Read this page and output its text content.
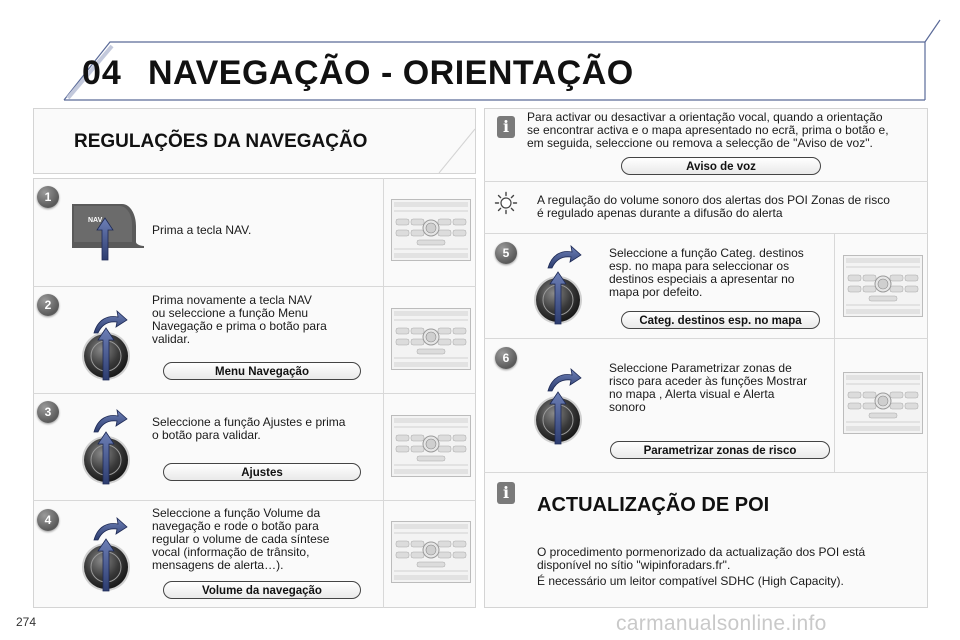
04 NAVEGAÇÃO - ORIENTAÇÃO
REGULAÇÕES DA NAVEGAÇÃO
1
NAV
Prima a tecla NAV.
2	Prima novamente a tecla NAV
ou seleccione a função Menu
Navegação e prima o botão para
validar.
Menu Navegação
3
Seleccione a função Ajustes e prima
o botão para validar.
Ajustes
4	Seleccione a função Volume da
navegação e rode o botão para
regular o volume de cada síntese
vocal (informação de trânsito,
mensagens de alerta…).
Volume da navegação
i	Para activar ou desactivar a orientação vocal, quando a orientação
se encontrar activa e o mapa apresentado no ecrã, prima o botão e,
em seguida, seleccione ou remova a selecção de "Aviso de voz".
Aviso de voz
A regulação do volume sonoro dos alertas dos POI Zonas de risco
é regulado apenas durante a difusão do alerta
5	Seleccione a função Categ. destinos
esp. no mapa para seleccionar os
destinos especiais a apresentar no
mapa por defeito.
Categ. destinos esp. no mapa
6
Seleccione Parametrizar zonas de
risco para aceder às funções Mostrar
no mapa , Alerta visual e Alerta
sonoro
Parametrizar zonas de risco
i
ACTUALIZAÇÃO DE POI
O procedimento pormenorizado da actualização dos POI está
disponível no sítio "wipinforadars.fr".
É necessário um leitor compatível SDHC (High Capacity).
274	carmanualsonline.info
